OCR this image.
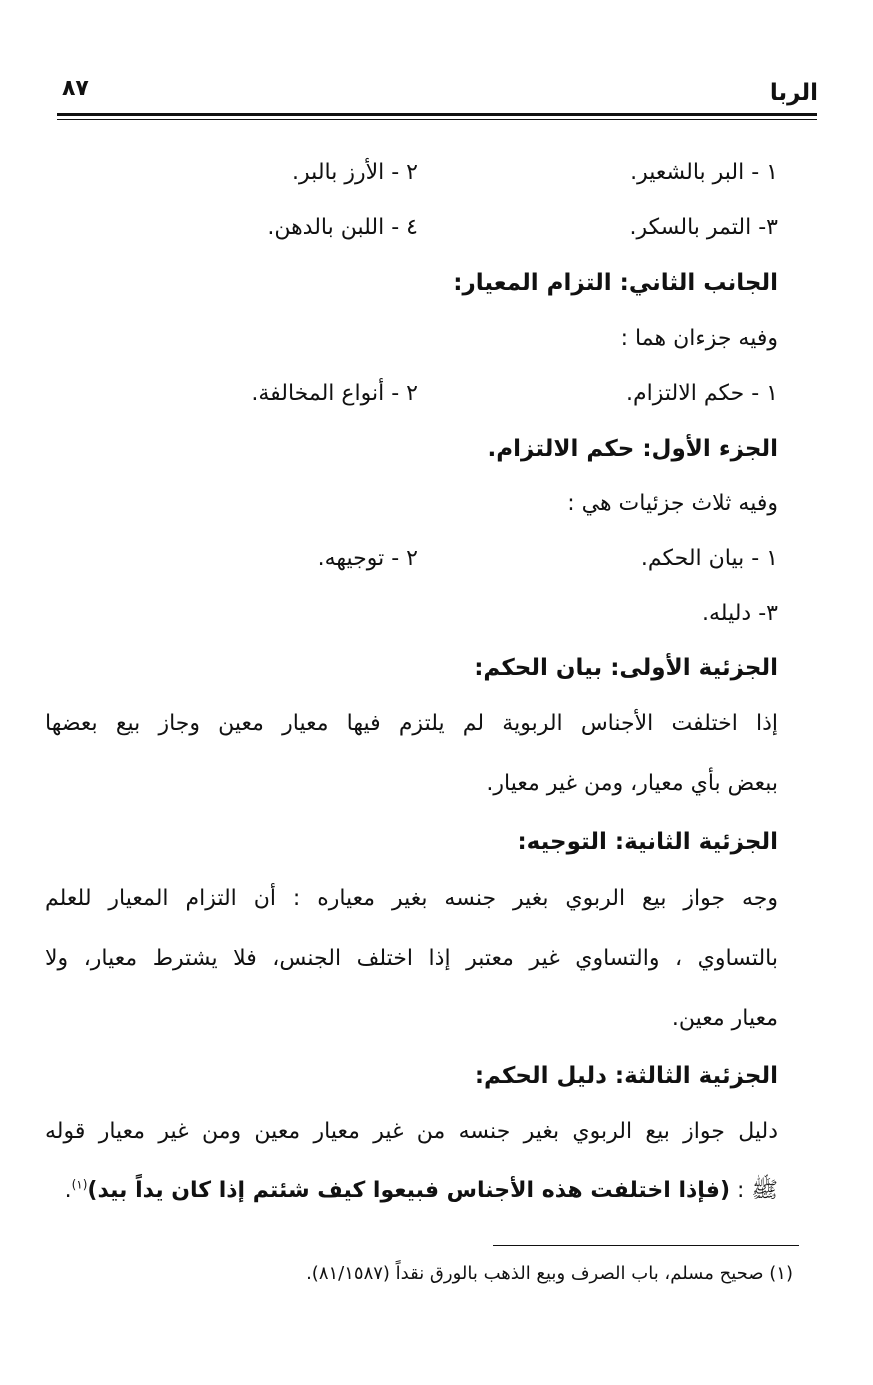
الربا
٨٧
١ - البر بالشعير.
٢ - الأرز بالبر.
٣- التمر بالسكر.
٤ - اللبن بالدهن.
الجانب الثاني: التزام المعيار:
وفيه جزءان هما :
١ - حكم الالتزام.
٢ - أنواع المخالفة.
الجزء الأول: حكم الالتزام.
وفيه ثلاث جزئيات هي :
١ - بيان الحكم.
٢ - توجيهه.
٣- دليله.
الجزئية الأولى: بيان الحكم:
إذا اختلفت الأجناس الربوية لم يلتزم فيها معيار معين وجاز بيع بعضها
ببعض بأي معيار، ومن غير معيار.
الجزئية الثانية: التوجيه:
وجه جواز بيع الربوي بغير جنسه بغير معياره : أن التزام المعيار للعلم
بالتساوي ، والتساوي غير معتبر إذا اختلف الجنس، فلا يشترط معيار، ولا
معيار معين.
الجزئية الثالثة: دليل الحكم:
دليل جواز بيع الربوي بغير جنسه من غير معيار معين ومن غير معيار قوله
ﷺ : (فإذا اختلفت هذه الأجناس فبيعوا كيف شئتم إذا كان يداً بيد)$^{(١)}$.
(١) صحيح مسلم، باب الصرف وبيع الذهب بالورق نقداً (٨١/١٥٨٧).
